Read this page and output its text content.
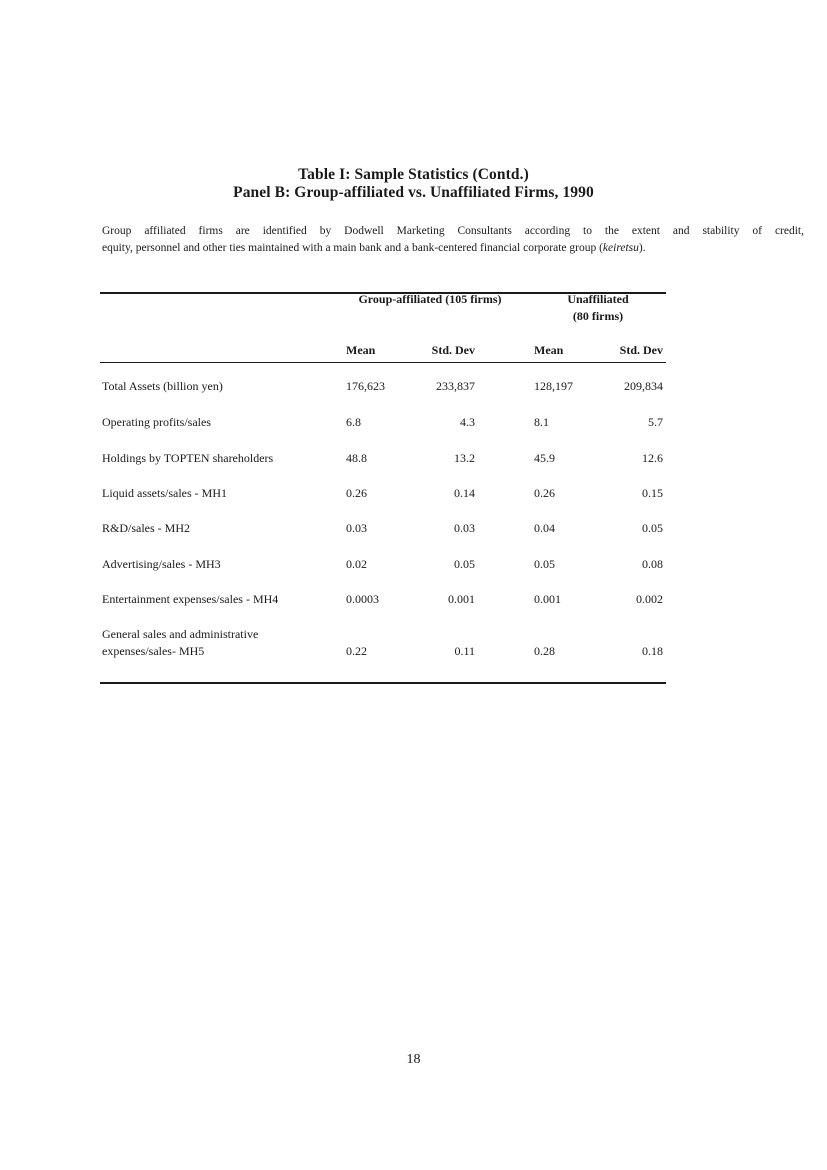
Table I: Sample Statistics (Contd.)
Panel B: Group-affiliated vs. Unaffiliated Firms, 1990
Group affiliated firms are identified by Dodwell Marketing Consultants according to the extent and stability of credit,
equity, personnel and other ties maintained with a main bank and a bank-centered financial corporate group (keiretsu).
Group-affiliated (105 firms)	Unaffiliated
(80 firms)
Mean	Std. Dev	Mean	Std. Dev
Total Assets (billion yen)	176,623	233,837	128,197	209,834
Operating profits/sales	6.8	4.3	8.1	5.7
Holdings by TOPTEN shareholders	48.8	13.2	45.9	12.6
Liquid assets/sales - MH1	0.26	0.14	0.26	0.15
R&D/sales - MH2	0.03	0.03	0.04	0.05
Advertising/sales - MH3	0.02	0.05	0.05	0.08
Entertainment expenses/sales - MH4	0.0003	0.001	0.001	0.002
General sales and administrative
expenses/sales- MH5	0.22	0.11	0.28	0.18
18
